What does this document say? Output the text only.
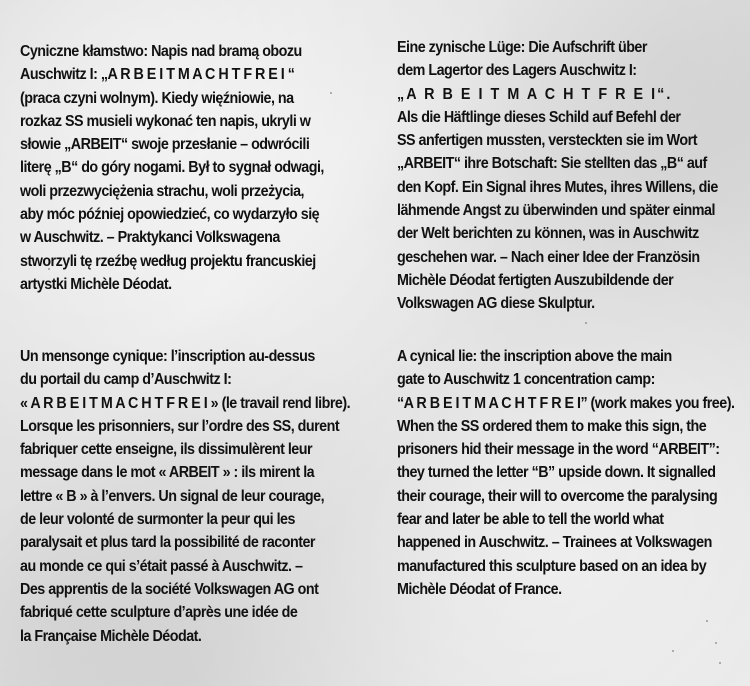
Cyniczne kłamstwo: Napis nad bramą obozu
Auschwitz I: „A R B E I T M A C H T F R E I “
(praca czyni wolnym). Kiedy więźniowie, na
rozkaz SS musieli wykonać ten napis, ukryli w
słowie „ARBEIT“ swoje przesłanie – odwrócili
literę „B“ do góry nogami. Był to sygnał odwagi,
woli przezwyciężenia strachu, woli przeżycia,
aby móc później opowiedzieć, co wydarzyło się
w Auschwitz. – Praktykanci Volkswagena
stworzyli tę rzeźbę według projektu francuskiej
artystki Michèle Déodat.
Eine zynische Lüge: Die Aufschrift über
dem Lagertor des Lagers Auschwitz I:
„A R B E I T M A C H T F R E I“.
Als die Häftlinge dieses Schild auf Befehl der
SS anfertigen mussten, versteckten sie im Wort
„ARBEIT“ ihre Botschaft: Sie stellten das „B“ auf
den Kopf. Ein Signal ihres Mutes, ihres Willens, die
lähmende Angst zu überwinden und später einmal
der Welt berichten zu können, was in Auschwitz
geschehen war. – Nach einer Idee der Französin
Michèle Déodat fertigten Auszubildende der
Volkswagen AG diese Skulptur.
Un mensonge cynique: l’inscription au-dessus
du portail du camp d’Auschwitz I:
« A R B E I T M A C H T F R E I » (le travail rend libre).
Lorsque les prisonniers, sur l’ordre des SS, durent
fabriquer cette enseigne, ils dissimulèrent leur
message dans le mot « ARBEIT » : ils mirent la
lettre « B » à l’envers. Un signal de leur courage,
de leur volonté de surmonter la peur qui les
paralysait et plus tard la possibilité de raconter
au monde ce qui s’était passé à Auschwitz. –
Des apprentis de la société Volkswagen AG ont
fabriqué cette sculpture d’après une idée de
la Française Michèle Déodat.
A cynical lie: the inscription above the main
gate to Auschwitz 1 concentration camp:
“A R B E I T M A C H T F R E I” (work makes you free).
When the SS ordered them to make this sign, the
prisoners hid their message in the word “ARBEIT”:
they turned the letter “B” upside down. It signalled
their courage, their will to overcome the paralysing
fear and later be able to tell the world what
happened in Auschwitz. – Trainees at Volkswagen
manufactured this sculpture based on an idea by
Michèle Déodat of France.
